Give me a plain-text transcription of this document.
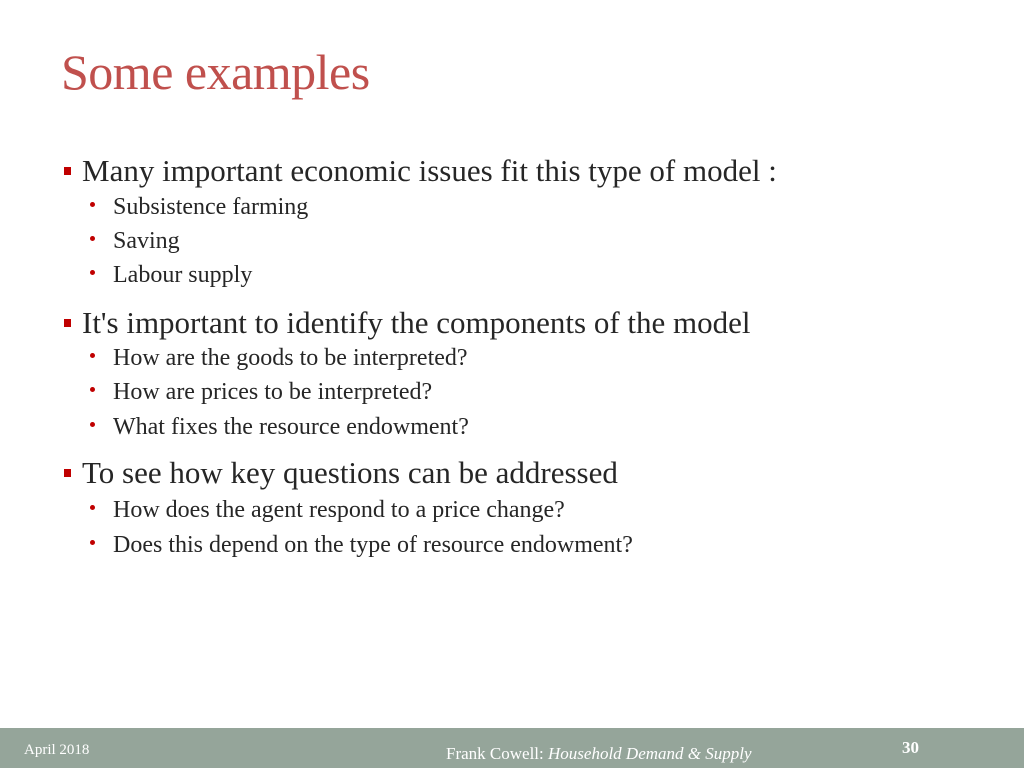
Some examples
Many important economic issues fit this type of model :
Subsistence farming
Saving
Labour supply
It's important to identify the components of the model
How are the goods to be interpreted?
How are prices to be interpreted?
What fixes the resource endowment?
To see how key questions can be addressed
How does the agent respond to a price change?
Does this depend on the type of resource endowment?
April 2018	Frank Cowell: Household Demand & Supply	30
